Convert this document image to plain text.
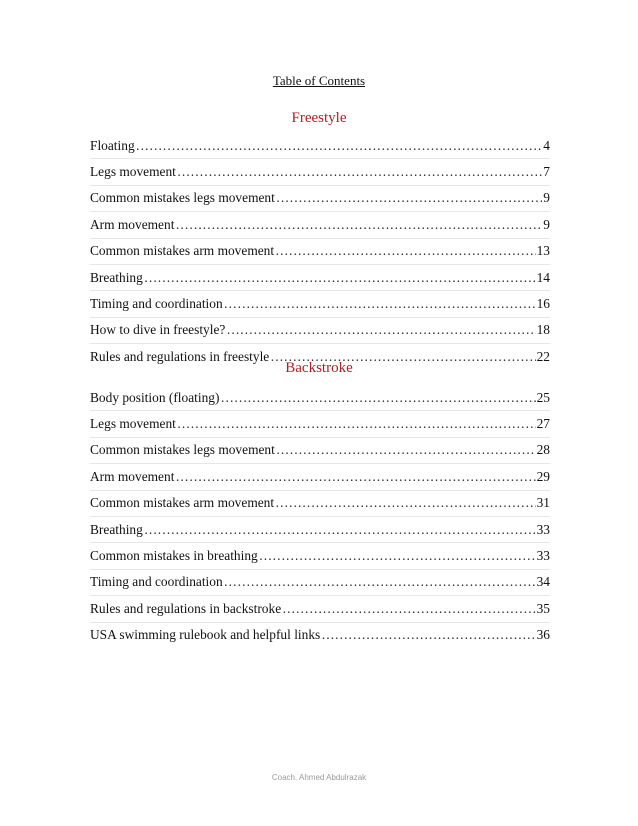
Table of Contents
Freestyle
Floating ………………………………………………………………………………………………………………………	4
Legs movement ………………………………………………………………………………………………………………………	7
Common mistakes legs movement ………………………………………………………………………………………………………………………	9
Arm movement ………………………………………………………………………………………………………………………	9
Common mistakes arm movement ………………………………………………………………………………………………………………………	13
Breathing ………………………………………………………………………………………………………………………	14
Timing and coordination ………………………………………………………………………………………………………………………	16
How to dive in freestyle? ………………………………………………………………………………………………………………………	18
Rules and regulations in freestyle ………………………………………………………………………………………………………………………	22
Backstroke
Body position (floating) ………………………………………………………………………………………………………………………	25
Legs movement ………………………………………………………………………………………………………………………	27
Common mistakes legs movement ………………………………………………………………………………………………………………………	28
Arm movement ………………………………………………………………………………………………………………………	29
Common mistakes arm movement ………………………………………………………………………………………………………………………	31
Breathing ………………………………………………………………………………………………………………………	33
Common mistakes in breathing ………………………………………………………………………………………………………………………	33
Timing and coordination ………………………………………………………………………………………………………………………	34
Rules and regulations in backstroke ………………………………………………………………………………………………………………………	35
USA swimming rulebook and helpful links ………………………………………………………………………………………………………………………	36
Coach. Ahmed Abdulrazak
